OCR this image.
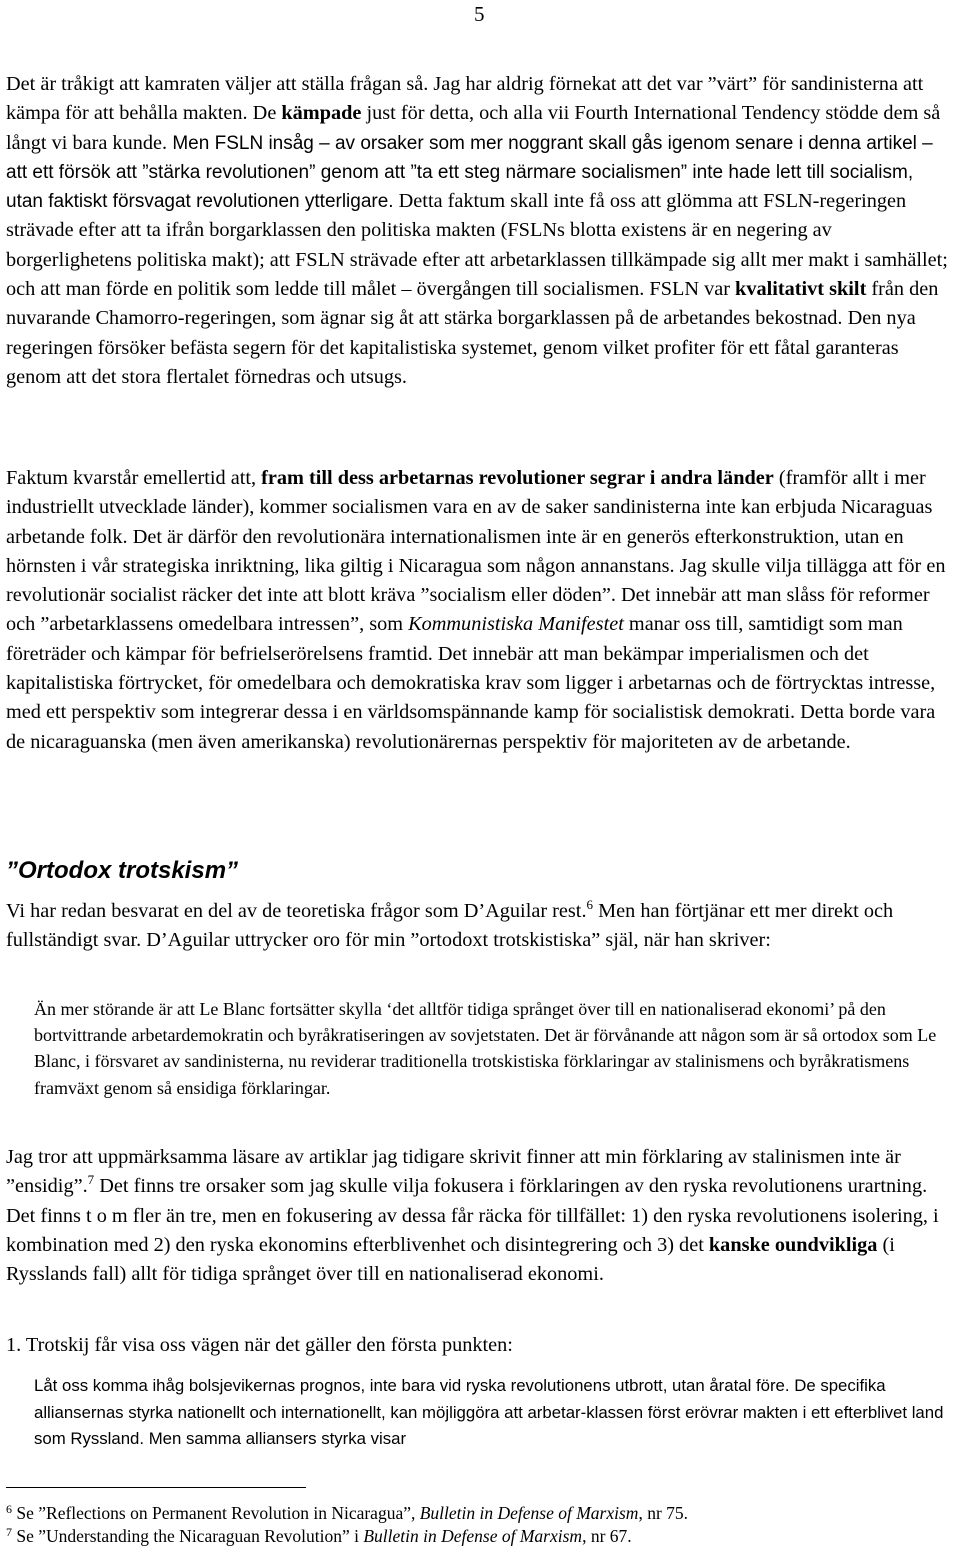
5
Det är tråkigt att kamraten väljer att ställa frågan så. Jag har aldrig förnekat att det var ”värt” för sandinisterna att kämpa för att behålla makten. De kämpade just för detta, och alla vii Fourth International Tendency stödde dem så långt vi bara kunde. Men FSLN insåg – av orsaker som mer noggrant skall gås igenom senare i denna artikel – att ett försök att ”stärka revolutionen” genom att ”ta ett steg närmare socialismen” inte hade lett till socialism, utan faktiskt försvagat revolutionen ytterligare. Detta faktum skall inte få oss att glömma att FSLN-regeringen strävade efter att ta ifrån borgarklassen den politiska makten (FSLNs blotta existens är en negering av borgerlighetens politiska makt); att FSLN strävade efter att arbetarklassen tillkämpade sig allt mer makt i samhället; och att man förde en politik som ledde till målet – övergången till socialismen. FSLN var kvalitativt skilt från den nuvarande Chamorro-regeringen, som ägnar sig åt att stärka borgarklassen på de arbetandes bekostnad. Den nya regeringen försöker befästa segern för det kapitalistiska systemet, genom vilket profiter för ett fåtal garanteras genom att det stora flertalet förnedras och utsugs.
Faktum kvarstår emellertid att, fram till dess arbetarnas revolutioner segrar i andra länder (framför allt i mer industriellt utvecklade länder), kommer socialismen vara en av de saker sandinisterna inte kan erbjuda Nicaraguas arbetande folk. Det är därför den revolutionära internationalismen inte är en generös efterkonstruktion, utan en hörnsten i vår strategiska inriktning, lika giltig i Nicaragua som någon annanstans. Jag skulle vilja tillägga att för en revolutionär socialist räcker det inte att blott kräva ”socialism eller döden”. Det innebär att man slåss för reformer och ”arbetarklassens omedelbara intressen”, som Kommunistiska Manifestet manar oss till, samtidigt som man företräder och kämpar för befrielserörelsens framtid. Det innebär att man bekämpar imperialismen och det kapitalistiska förtrycket, för omedelbara och demokratiska krav som ligger i arbetarnas och de förtrycktas intresse, med ett perspektiv som integrerar dessa i en världsomspännande kamp för socialistisk demokrati. Detta borde vara de nicaraguanska (men även amerikanska) revolutionärernas perspektiv för majoriteten av de arbetande.
”Ortodox trotskism”
Vi har redan besvarat en del av de teoretiska frågor som D’Aguilar rest.$^6$ Men han förtjänar ett mer direkt och fullständigt svar. D’Aguilar uttrycker oro för min ”ortodoxt trotskistiska” själ, när han skriver:
Än mer störande är att Le Blanc fortsätter skylla ‘det alltför tidiga språnget över till en nationaliserad ekonomi’ på den bortvittrande arbetardemokratin och byråkratiseringen av sovjetstaten. Det är förvånande att någon som är så ortodox som Le Blanc, i försvaret av sandinisterna, nu reviderar traditionella trotskistiska förklaringar av stalinismens och byråkratismens framväxt genom så ensidiga förklaringar.
Jag tror att uppmärksamma läsare av artiklar jag tidigare skrivit finner att min förklaring av stalinismen inte är ”ensidig”.$^7$ Det finns tre orsaker som jag skulle vilja fokusera i förklaringen av den ryska revolutionens urartning. Det finns t o m fler än tre, men en fokusering av dessa får räcka för tillfället: 1) den ryska revolutionens isolering, i kombination med 2) den ryska ekonomins efterblivenhet och disintegrering och 3) det kanske oundvikliga (i Rysslands fall) allt för tidiga språnget över till en nationaliserad ekonomi.
1. Trotskij får visa oss vägen när det gäller den första punkten:
Låt oss komma ihåg bolsjevikernas prognos, inte bara vid ryska revolutionens utbrott, utan åratal före. De specifika alliansernas styrka nationellt och internationellt, kan möjliggöra att arbetar-klassen först erövrar makten i ett efterblivet land som Ryssland. Men samma alliansers styrka visar
$^6$ Se ”Reflections on Permanent Revolution in Nicaragua”, Bulletin in Defense of Marxism, nr 75.
$^7$ Se ”Understanding the Nicaraguan Revolution” i Bulletin in Defense of Marxism, nr 67.
